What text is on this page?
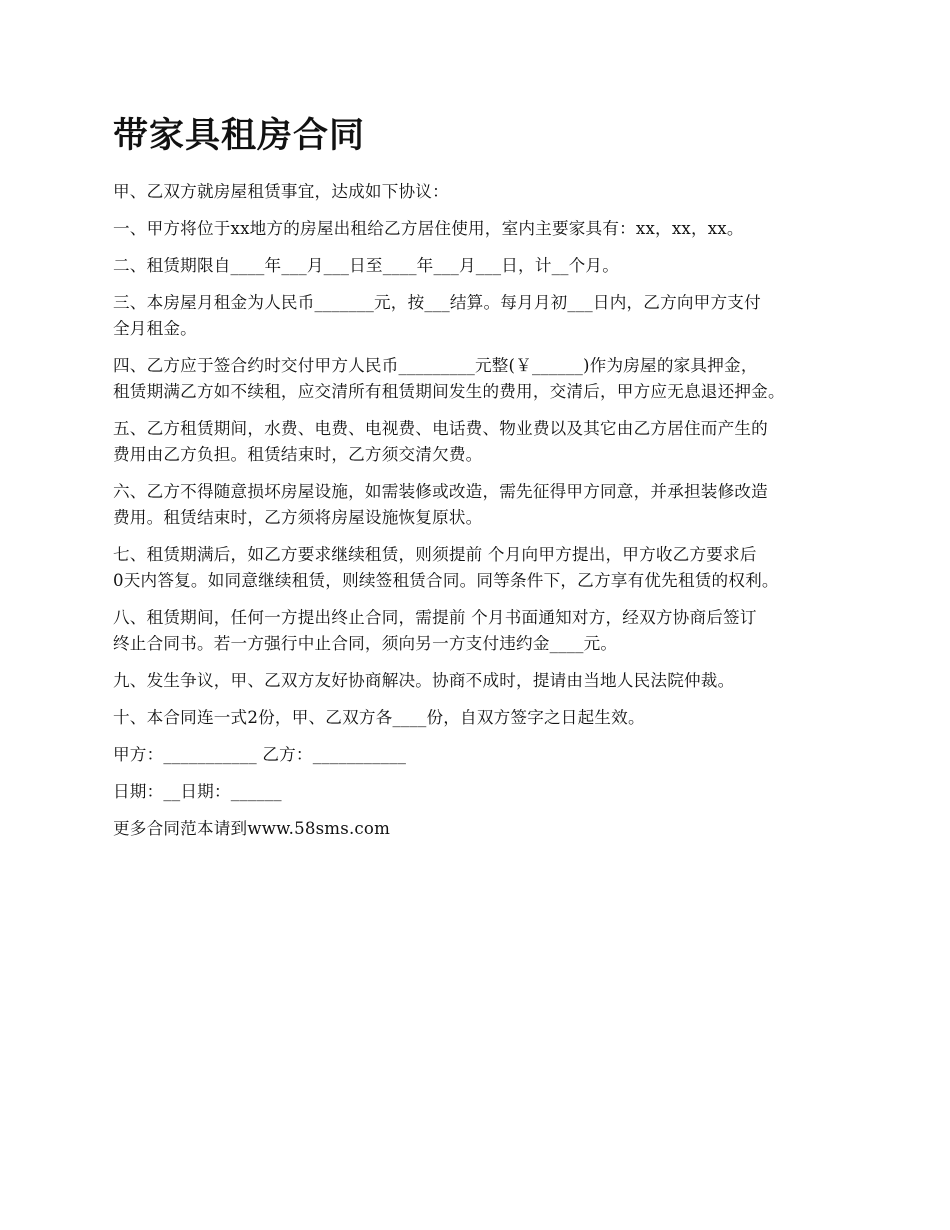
带家具租房合同

甲、乙双方就房屋租赁事宜，达成如下协议：

一、甲方将位于xx地方的房屋出租给乙方居住使用，室内主要家具有：xx，xx，xx。

二、租赁期限自____年___月___日至____年___月___日，计__个月。

三、本房屋月租金为人民币_______元，按___结算。每月月初___日内，乙方向甲方支付
全月租金。

四、乙方应于签合约时交付甲方人民币_________元整(￥______)作为房屋的家具押金，
租赁期满乙方如不续租，应交清所有租赁期间发生的费用，交清后，甲方应无息退还押金。

五、乙方租赁期间，水费、电费、电视费、电话费、物业费以及其它由乙方居住而产生的
费用由乙方负担。租赁结束时，乙方须交清欠费。

六、乙方不得随意损坏房屋设施，如需装修或改造，需先征得甲方同意，并承担装修改造
费用。租赁结束时，乙方须将房屋设施恢复原状。

七、租赁期满后，如乙方要求继续租赁，则须提前 个月向甲方提出，甲方收乙方要求后
0天内答复。如同意继续租赁，则续签租赁合同。同等条件下，乙方享有优先租赁的权利。

八、租赁期间，任何一方提出终止合同，需提前 个月书面通知对方，经双方协商后签订
终止合同书。若一方强行中止合同，须向另一方支付违约金____元。

九、发生争议，甲、乙双方友好协商解决。协商不成时，提请由当地人民法院仲裁。

十、本合同连一式2份，甲、乙双方各____份，自双方签字之日起生效。

甲方：___________ 乙方：___________

日期：__日期：______

更多合同范本请到www.58sms.com
